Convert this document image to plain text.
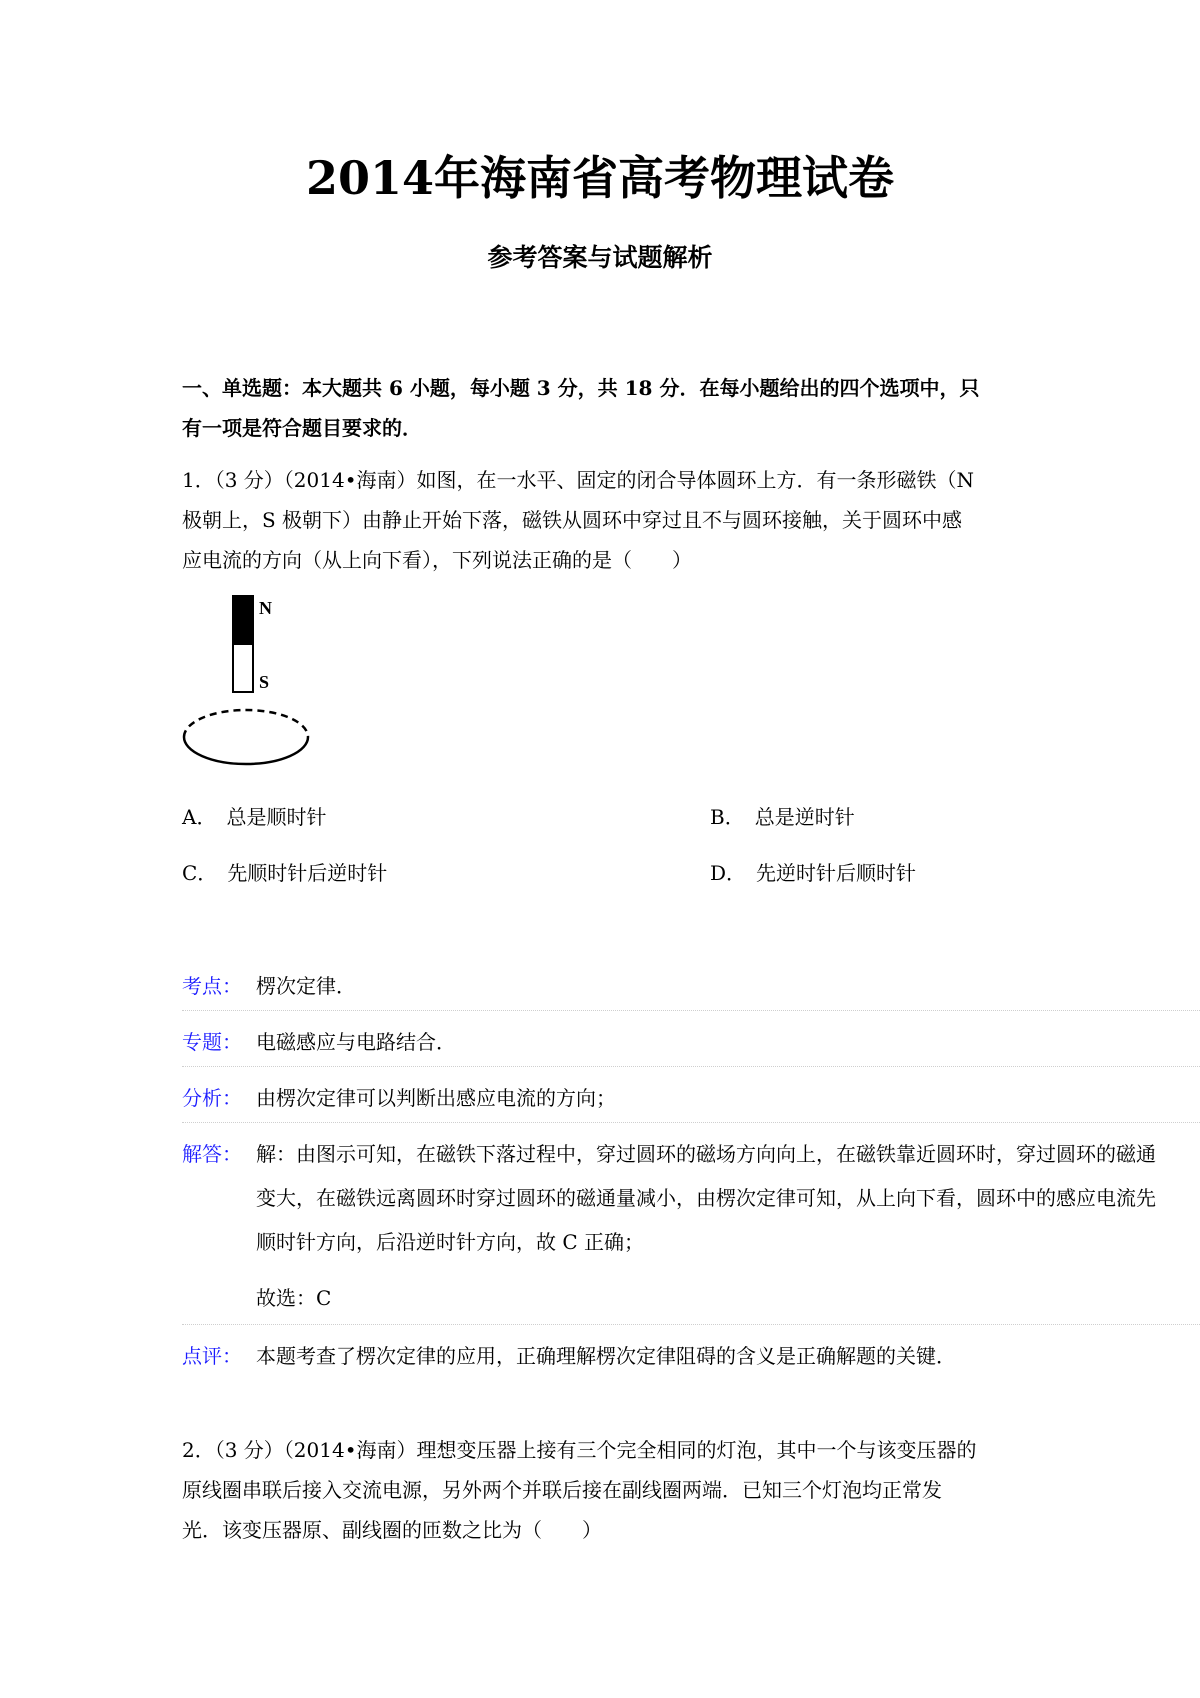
2014年海南省高考物理试卷
参考答案与试题解析
一、单选题：本大题共 6 小题，每小题 3 分，共 18 分．在每小题给出的四个选项中，只
有一项是符合题目要求的．
1．（3 分）（2014•海南）如图，在一水平、固定的闭合导体圆环上方．有一条形磁铁（N
极朝上，S 极朝下）由静止开始下落，磁铁从圆环中穿过且不与圆环接触，关于圆环中感
应电流的方向（从上向下看），下列说法正确的是（　　）
N
S
A． 总是顺时针	B． 总是逆时针
C． 先顺时针后逆时针	D． 先逆时针后顺时针
考点： 楞次定律．
专题： 电磁感应与电路结合．
分析： 由楞次定律可以判断出感应电流的方向；
解答： 解：由图示可知，在磁铁下落过程中，穿过圆环的磁场方向向上，在磁铁靠近圆环时，穿过圆环的磁通
变大，在磁铁远离圆环时穿过圆环的磁通量减小，由楞次定律可知，从上向下看，圆环中的感应电流先
顺时针方向，后沿逆时针方向，故 C 正确；
故选：C
点评： 本题考查了楞次定律的应用，正确理解楞次定律阻碍的含义是正确解题的关键．
2．（3 分）（2014•海南）理想变压器上接有三个完全相同的灯泡，其中一个与该变压器的
原线圈串联后接入交流电源，另外两个并联后接在副线圈两端．已知三个灯泡均正常发
光．该变压器原、副线圈的匝数之比为（　　）
